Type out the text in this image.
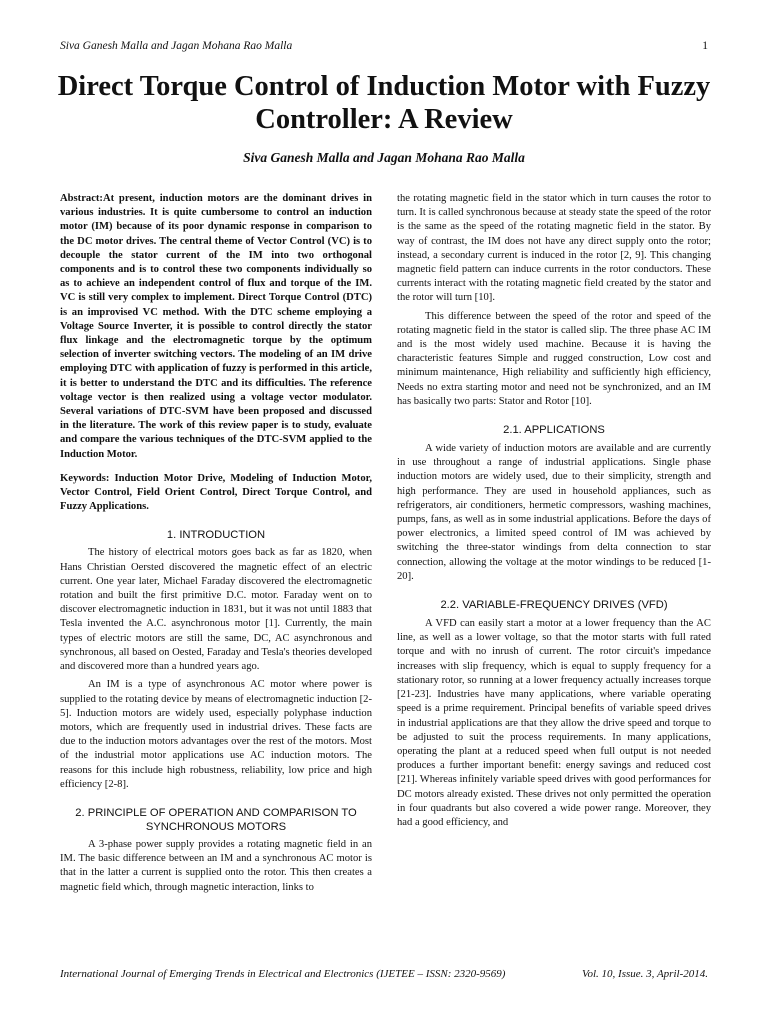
Siva Ganesh Malla and Jagan Mohana Rao Malla	1
Direct Torque Control of Induction Motor with Fuzzy Controller: A Review

Siva Ganesh Malla and Jagan Mohana Rao Malla

Abstract:At present, induction motors are the dominant drives in various industries. It is quite cumbersome to control an induction motor (IM) because of its poor dynamic response in comparison to the DC motor drives. The central theme of Vector Control (VC) is to decouple the stator current of the IM into two orthogonal components and is to control these two components individually so as to achieve an independent control of flux and torque of the IM. VC is still very complex to implement. Direct Torque Control (DTC) is an improvised VC method. With the DTC scheme employing a Voltage Source Inverter, it is possible to control directly the stator flux linkage and the electromagnetic torque by the optimum selection of inverter switching vectors. The modeling of an IM drive employing DTC with application of fuzzy is performed in this article, it is better to understand the DTC and its difficulties. The reference voltage vector is then realized using a voltage vector modulator. Several variations of DTC-SVM have been proposed and discussed in the literature. The work of this review paper is to study, evaluate and compare the various techniques of the DTC-SVM applied to the Induction Motor.

Keywords: Induction Motor Drive, Modeling of Induction Motor, Vector Control, Field Orient Control, Direct Torque Control, and Fuzzy Applications.

1. INTRODUCTION

The history of electrical motors goes back as far as 1820, when Hans Christian Oersted discovered the magnetic effect of an electric current. One year later, Michael Faraday discovered the electromagnetic rotation and built the first primitive D.C. motor. Faraday went on to discover electromagnetic induction in 1831, but it was not until 1883 that Tesla invented the A.C. asynchronous motor [1]. Currently, the main types of electric motors are still the same, DC, AC asynchronous and synchronous, all based on Oested, Faraday and Tesla's theories developed and discovered more than a hundred years ago.

An IM is a type of asynchronous AC motor where power is supplied to the rotating device by means of electromagnetic induction [2-5]. Induction motors are widely used, especially polyphase induction motors, which are frequently used in industrial drives. These facts are due to the induction motors advantages over the rest of the motors. Most of the industrial motor applications use AC induction motors. The reasons for this include high robustness, reliability, low price and high efficiency [2-8].

2. PRINCIPLE OF OPERATION AND COMPARISON TO SYNCHRONOUS MOTORS

A 3-phase power supply provides a rotating magnetic field in an IM. The basic difference between an IM and a synchronous AC motor is that in the latter a current is supplied onto the rotor. This then creates a magnetic field which, through magnetic interaction, links to

the rotating magnetic field in the stator which in turn causes the rotor to turn. It is called synchronous because at steady state the speed of the rotor is the same as the speed of the rotating magnetic field in the stator. By way of contrast, the IM does not have any direct supply onto the rotor; instead, a secondary current is induced in the rotor [2, 9]. This changing magnetic field pattern can induce currents in the rotor conductors. These currents interact with the rotating magnetic field created by the stator and the rotor will turn [10].

This difference between the speed of the rotor and speed of the rotating magnetic field in the stator is called slip. The three phase AC IM and is the most widely used machine. Because it is having the characteristic features Simple and rugged construction, Low cost and minimum maintenance, High reliability and sufficiently high efficiency, Needs no extra starting motor and need not be synchronized, and an IM has basically two parts: Stator and Rotor [10].

2.1. APPLICATIONS

A wide variety of induction motors are available and are currently in use throughout a range of industrial applications. Single phase induction motors are widely used, due to their simplicity, strength and high performance. They are used in household appliances, such as refrigerators, air conditioners, hermetic compressors, washing machines, pumps, fans, as well as in some industrial applications. Before the days of power electronics, a limited speed control of IM was achieved by switching the three-stator windings from delta connection to star connection, allowing the voltage at the motor windings to be reduced [1-20].

2.2. VARIABLE-FREQUENCY DRIVES (VFD)

A VFD can easily start a motor at a lower frequency than the AC line, as well as a lower voltage, so that the motor starts with full rated torque and with no inrush of current. The rotor circuit's impedance increases with slip frequency, which is equal to supply frequency for a stationary rotor, so running at a lower frequency actually increases torque [21-23]. Industries have many applications, where variable operating speed is a prime requirement. Principal benefits of variable speed drives in industrial applications are that they allow the drive speed and torque to be adjusted to suit the process requirements. In many applications, operating the plant at a reduced speed when full output is not needed produces a further important benefit: energy savings and reduced cost [21]. Whereas infinitely variable speed drives with good performances for DC motors already existed. These drives not only permitted the operation in four quadrants but also covered a wide power range. Moreover, they had a good efficiency, and

International Journal of Emerging Trends in Electrical and Electronics (IJETEE – ISSN: 2320-9569)	Vol. 10, Issue. 3, April-2014.
